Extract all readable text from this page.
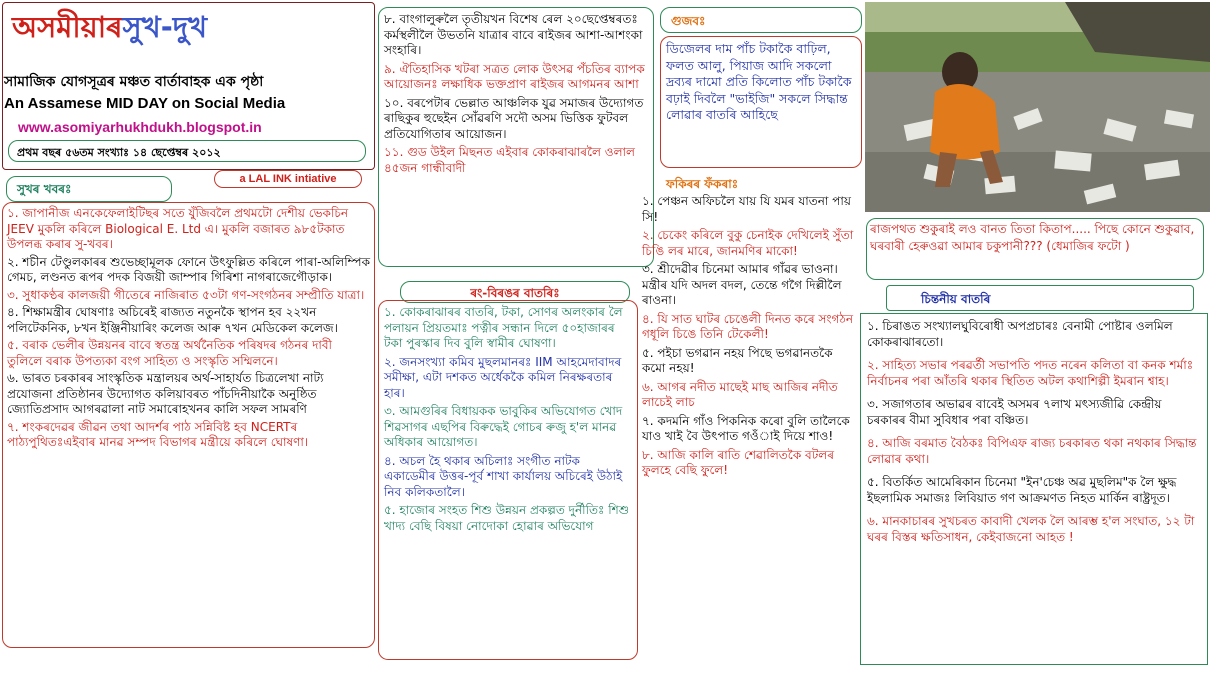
অসমীয়াৰসুখ-দুখ
সামাজিক যোগসূত্ৰৰ মঞ্চত বাৰ্তাবাহক এক পৃষ্ঠা
An Assamese MID DAY on Social Media
www.asomiyarhukhdukh.blogspot.in
প্ৰথম বছৰ ৫৬তম সংখ্যাঃ ১৪ ছেপ্তেম্বৰ ২০১২
a LAL INK intiative
সুখৰ খবৰঃ

১. জাপানীজ এনকেফেলাইটিছৰ সতে যুঁজিবলৈ প্ৰথমটো দেশীয় ভেকচিন JEEV মুকলি কৰিলে Biological E. Ltd এ। মুকলি বজাৰত ৯৮৫টকাত উপলব্ধ কৰাৰ সু-খবৰ।

২. শচীন টেণ্ডুলকাৰৰ শুভেচ্ছামূলক ফোনে উৎফুল্লিত কৰিলে পাৰা-অলিম্পিক গেমচ, লণ্ডনত ৰূপৰ পদক বিজয়ী জাম্পাৰ গিৰিশা নাগৰাজেগৌড়াক।

৩. সুধাকণ্ঠৰ কালজয়ী গীতেৰে নাজিৰাত ৫৩টা গণ-সংগঠনৰ সম্প্ৰীতি যাত্ৰা।

৪. শিক্ষামন্ত্ৰীৰ ঘোষণাঃ অচিৰেই ৰাজ্যত নতুনকৈ স্থাপন হব ২২খন পলিটেকনিক, ৮খন ইঞ্জিনীয়াৰিং কলেজ আৰু ৭খন মেডিকেল কলেজ।

৫. বৰাক ভেলীৰ উন্নয়নৰ বাবে স্বতন্ত্ৰ অৰ্থনৈতিক পৰিষদৰ গঠনৰ দাবী তুলিলে বৰাক উপত্যকা বংগ সাহিত্য ও সংস্কৃতি সম্মিলনে।

৬. ভাৰত চৰকাৰৰ সাংস্কৃতিক মন্ত্ৰালয়ৰ অৰ্থ-সাহাৰ্যত চিত্ৰলেখা নাট্য প্ৰযোজনা প্ৰতিষ্ঠানৰ উদ্যোগত কলিয়াবৰত পাঁচদিনীয়াকৈ অনুষ্ঠিত জ্যোতিপ্ৰসাদ আগৰৱালা নাট সমাৰোহখনৰ কালি সফল সামৰণি

৭. শংকৰদেৱৰ জীৱন তথা আদৰ্শৰ পাঠ সন্নিবিষ্ট হব NCERTৰ পাঠ্যপুথিতঃএইবাৰ মানৱ সম্পদ বিভাগৰ মন্ত্ৰীয়ে কৰিলে ঘোষণা।

৮. বাংগালুৰুলৈ তৃতীয়খন বিশেষ ৰেল ২০ছেপ্তেম্বৰতঃ কৰ্মস্থলীলৈ উভতনি যাত্ৰাৰ বাবে ৰাইজৰ আশা-আশংকা সংহাৰি।

৯. ঐতিহাসিক খটৰা সত্ৰত লোক উৎসৱ পঁচতিৰ ব্যাপক আয়োজনঃ লক্ষাধিক ভক্তপ্ৰাণ ৰাইজৰ আগমনৰ আশা

১০. বৰপেটাৰ ভেল্লাত আঞ্চলিক যুৱ সমাজৰ উদ্যোগত ৰাছিকুৰ হুছেইন সোঁৱৰণি সদৌ অসম ভিত্তিক ফুটবল প্ৰতিযোগিতাৰ আয়োজন।

১১. গুড উইল মিছনত এইবাৰ কোকৰাঝাৰলৈ ওলাল ৪৫জন গান্ধীবাদী

ৰং-বিৰঙৰ বাতৰিঃ

১. কোকৰাঝাৰৰ বাতৰি, টকা, সোণৰ অলংকাৰ লৈ পলায়ন প্ৰিয়তমাঃ পত্নীৰ সন্ধান দিলে ৫০হাজাৰৰ টকা পুৰস্কাৰ দিব বুলি স্বামীৰ ঘোষণা।

২. জনসংখ্যা কমিব মুছলমানৰঃ IIM আহমেদাবাদৰ সমীক্ষা, এটা দশকত অৰ্ধেককৈ কমিল নিৰক্ষৰতাৰ হাৰ।

৩. আমগুৰিৰ বিধায়কক ভাবুকিৰ অভিযোগত খোদ শিৱসাগৰ এছপিৰ বিৰুদ্ধেই গোচৰ ৰুজু হ'ল মানৱ অধিকাৰ আয়োগত।

৪. অচল হৈ থকাৰ অচিলাঃ সংগীত নাটক একাডেমীৰ উত্তৰ-পূৰ্ব শাখা কাৰ্যালয় অচিৰেই উঠাই নিব কলিকতালৈ।

৫. হাজোৰ সংহত শিশু উন্নয়ন প্ৰকল্পত দুৰ্নীতিঃ শিশু খাদ্য বেছি বিষয়া নোদোকা হোৱাৰ অভিযোগ

গুজবঃ

ডিজেলৰ দাম পাঁচ টকাকৈ বাঢ়িল, ফলত আলু, পিয়াজ আদি সকলো দ্ৰব্যৰ দামো প্ৰতি কিলোত পাঁচ টকাকৈ বঢ়াই দিবলৈ "ভাইজি" সকলে সিদ্ধান্ত লোৱাৰ বাতৰি আহিছে

ফকিৰৰ ফঁকৰাঃ

১. পেঞ্চন অফিচলৈ যায় যি যমৰ যাতনা পায় সি!

২. চেকেং কৰিলে বুকু চেনাইক দেখিলেই সুঁতা চিঙি লৰ মাৰে, জানমণিৰ মাকো!

৩. শ্ৰীদেৱীৰ চিনেমা আমাৰ গাঁৱৰ ভাওনা। মন্ত্ৰীৰ যদি অদল বদল, তেন্তে গগৈ দিল্লীলৈ ৰাওনা।

৪. যি সাত ঘাটৰ চেঙেলী দিনত কৰে সংগঠন গধূলি চিঙে তিনি টেকেলী!

৫. পইচা ভগৱান নহয় পিছে ভগৱানতকৈ কমো নহয়!

৬. আগৰ নদীত মাছেই মাছ আজিৰ নদীত লাচেই লাচ

৭. কদমনি গাঁও পিকনিক কৰো বুলি তালৈকে যাও খাই বৈ উৎপাত গওঁাই দিয়ে শাও!

৮. আজি কালি ৰাতি শেৱালিতকৈ বটলৰ ফুলহে বেছি ফুলে!

ৰাজপথত শুকুৰাই লও বানত তিতা কিতাপ..... পিছে কোনে শুকুৱাব, ঘৰবাৰী হেৰুওৱা আমাৰ চকুপানী??? (ধেমাজিৰ ফটো )

চিন্তনীয় বাতৰি

১. চিৰাঙত সংখ্যালঘুবিৰোধী অপপ্ৰচাৰঃ বেনামী পোষ্টাৰ ওলমিল কোকৰাঝাৰতো।

২. সাহিত্য সভাৰ পৰৱৰ্তী সভাপতি পদত নৰেন কলিতা বা কনক শৰ্মাঃ নিৰ্বাচনৰ পৰা আঁতৰি থকাৰ স্থিতিত অটল কথাশিল্পী ইমৰান শ্বাহ।

৩. সজাগতাৰ অভাৱৰ বাবেই অসমৰ ৭লাখ মৎস্যজীৱি কেন্দ্ৰীয় চৰকাৰৰ বীমা সুবিধাৰ পৰা বঞ্চিত।

৪. আজি বৰমাত বৈঠকঃ বিপিএফ ৰাজ্য চৰকাৰত থকা নথকাৰ সিদ্ধান্ত লোৱাৰ কথা।

৫. বিতৰ্কিত আমেৰিকান চিনেমা "ইন'চেঞ্চ অৱ মুছলিম"ক লৈ ক্ষুদ্ধ ইছলামিক সমাজঃ লিবিয়াত গণ আক্ৰমণত নিহত মাৰ্কিন ৰাষ্ট্ৰদূত।

৬. মানকাচাৰৰ সুখচৰত কাবাদী খেলক লৈ আৰম্ভ হ'ল সংঘাত, ১২ টা ঘৰৰ বিস্তৰ ক্ষতিসাধন, কেইবাজনো আহত !
